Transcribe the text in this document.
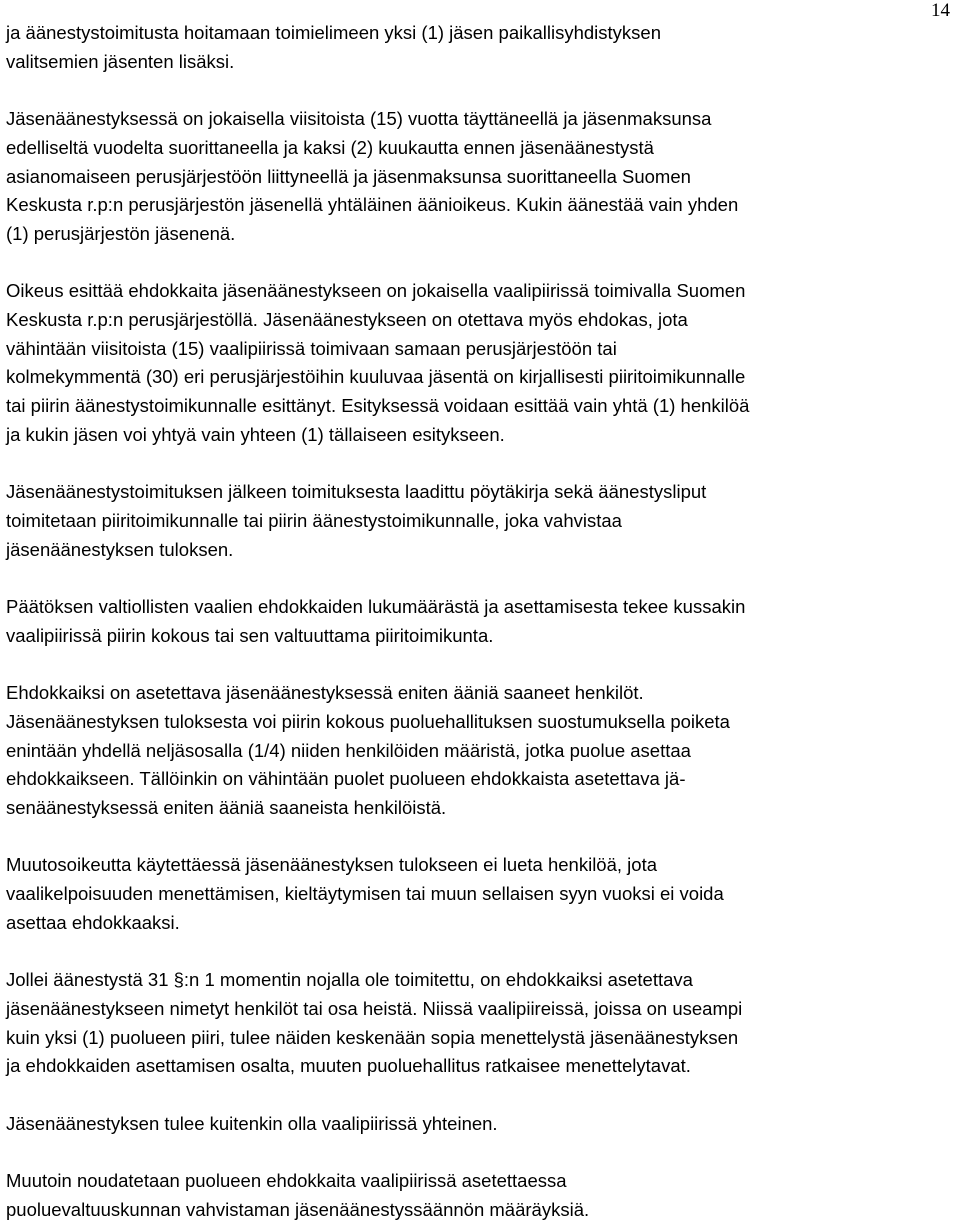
14

ja äänestystoimitusta hoitamaan toimielimeen yksi (1) jäsen paikallisyhdistyksen
valitsemien jäsenten lisäksi.

Jäsenäänestyksessä on jokaisella viisitoista (15) vuotta täyttäneellä ja jäsenmaksunsa
edelliseltä vuodelta suorittaneella ja kaksi (2) kuukautta ennen jäsenäänestystä
asianomaiseen perusjärjestöön liittyneellä ja jäsenmaksunsa suorittaneella Suomen
Keskusta r.p:n perusjärjestön jäsenellä yhtäläinen äänioikeus. Kukin äänestää vain yhden
(1) perusjärjestön jäsenenä.

Oikeus esittää ehdokkaita jäsenäänestykseen on jokaisella vaalipiirissä toimivalla Suomen
Keskusta r.p:n perusjärjestöllä. Jäsenäänestykseen on otettava myös ehdokas, jota
vähintään viisitoista (15) vaalipiirissä toimivaan samaan perusjärjestöön tai
kolmekymmentä (30) eri perusjärjestöihin kuuluvaa jäsentä on kirjallisesti piiritoimikunnalle
tai piirin äänestystoimikunnalle esittänyt. Esityksessä voidaan esittää vain yhtä (1) henkilöä
ja kukin jäsen voi yhtyä vain yhteen (1) tällaiseen esitykseen.

Jäsenäänestystoimituksen jälkeen toimituksesta laadittu pöytäkirja sekä äänestysliput
toimitetaan piiritoimikunnalle tai piirin äänestystoimikunnalle, joka vahvistaa
jäsenäänestyksen tuloksen.

Päätöksen valtiollisten vaalien ehdokkaiden lukumäärästä ja asettamisesta tekee kussakin
vaalipiirissä piirin kokous tai sen valtuuttama piiritoimikunta.

Ehdokkaiksi on asetettava jäsenäänestyksessä eniten ääniä saaneet henkilöt.
Jäsenäänestyksen tuloksesta voi piirin kokous puoluehallituksen suostumuksella poiketa
enintään yhdellä neljäsosalla (1/4) niiden henkilöiden määristä, jotka puolue asettaa
ehdokkaikseen. Tällöinkin on vähintään puolet puolueen ehdokkaista asetettava jä-
senäänestyksessä eniten ääniä saaneista henkilöistä.

Muutosoikeutta käytettäessä jäsenäänestyksen tulokseen ei lueta henkilöä, jota
vaalikelpoisuuden menettämisen, kieltäytymisen tai muun sellaisen syyn vuoksi ei voida
asettaa ehdokkaaksi.

Jollei äänestystä 31 §:n 1 momentin nojalla ole toimitettu, on ehdokkaiksi asetettava
jäsenäänestykseen nimetyt henkilöt tai osa heistä. Niissä vaalipiireissä, joissa on useampi
kuin yksi (1) puolueen piiri, tulee näiden keskenään sopia menettelystä jäsenäänestyksen
ja ehdokkaiden asettamisen osalta, muuten puoluehallitus ratkaisee menettelytavat.

Jäsenäänestyksen tulee kuitenkin olla vaalipiirissä yhteinen.

Muutoin noudatetaan puolueen ehdokkaita vaalipiirissä asetettaessa
puoluevaltuuskunnan vahvistaman jäsenäänestyssäännön määräyksiä.
